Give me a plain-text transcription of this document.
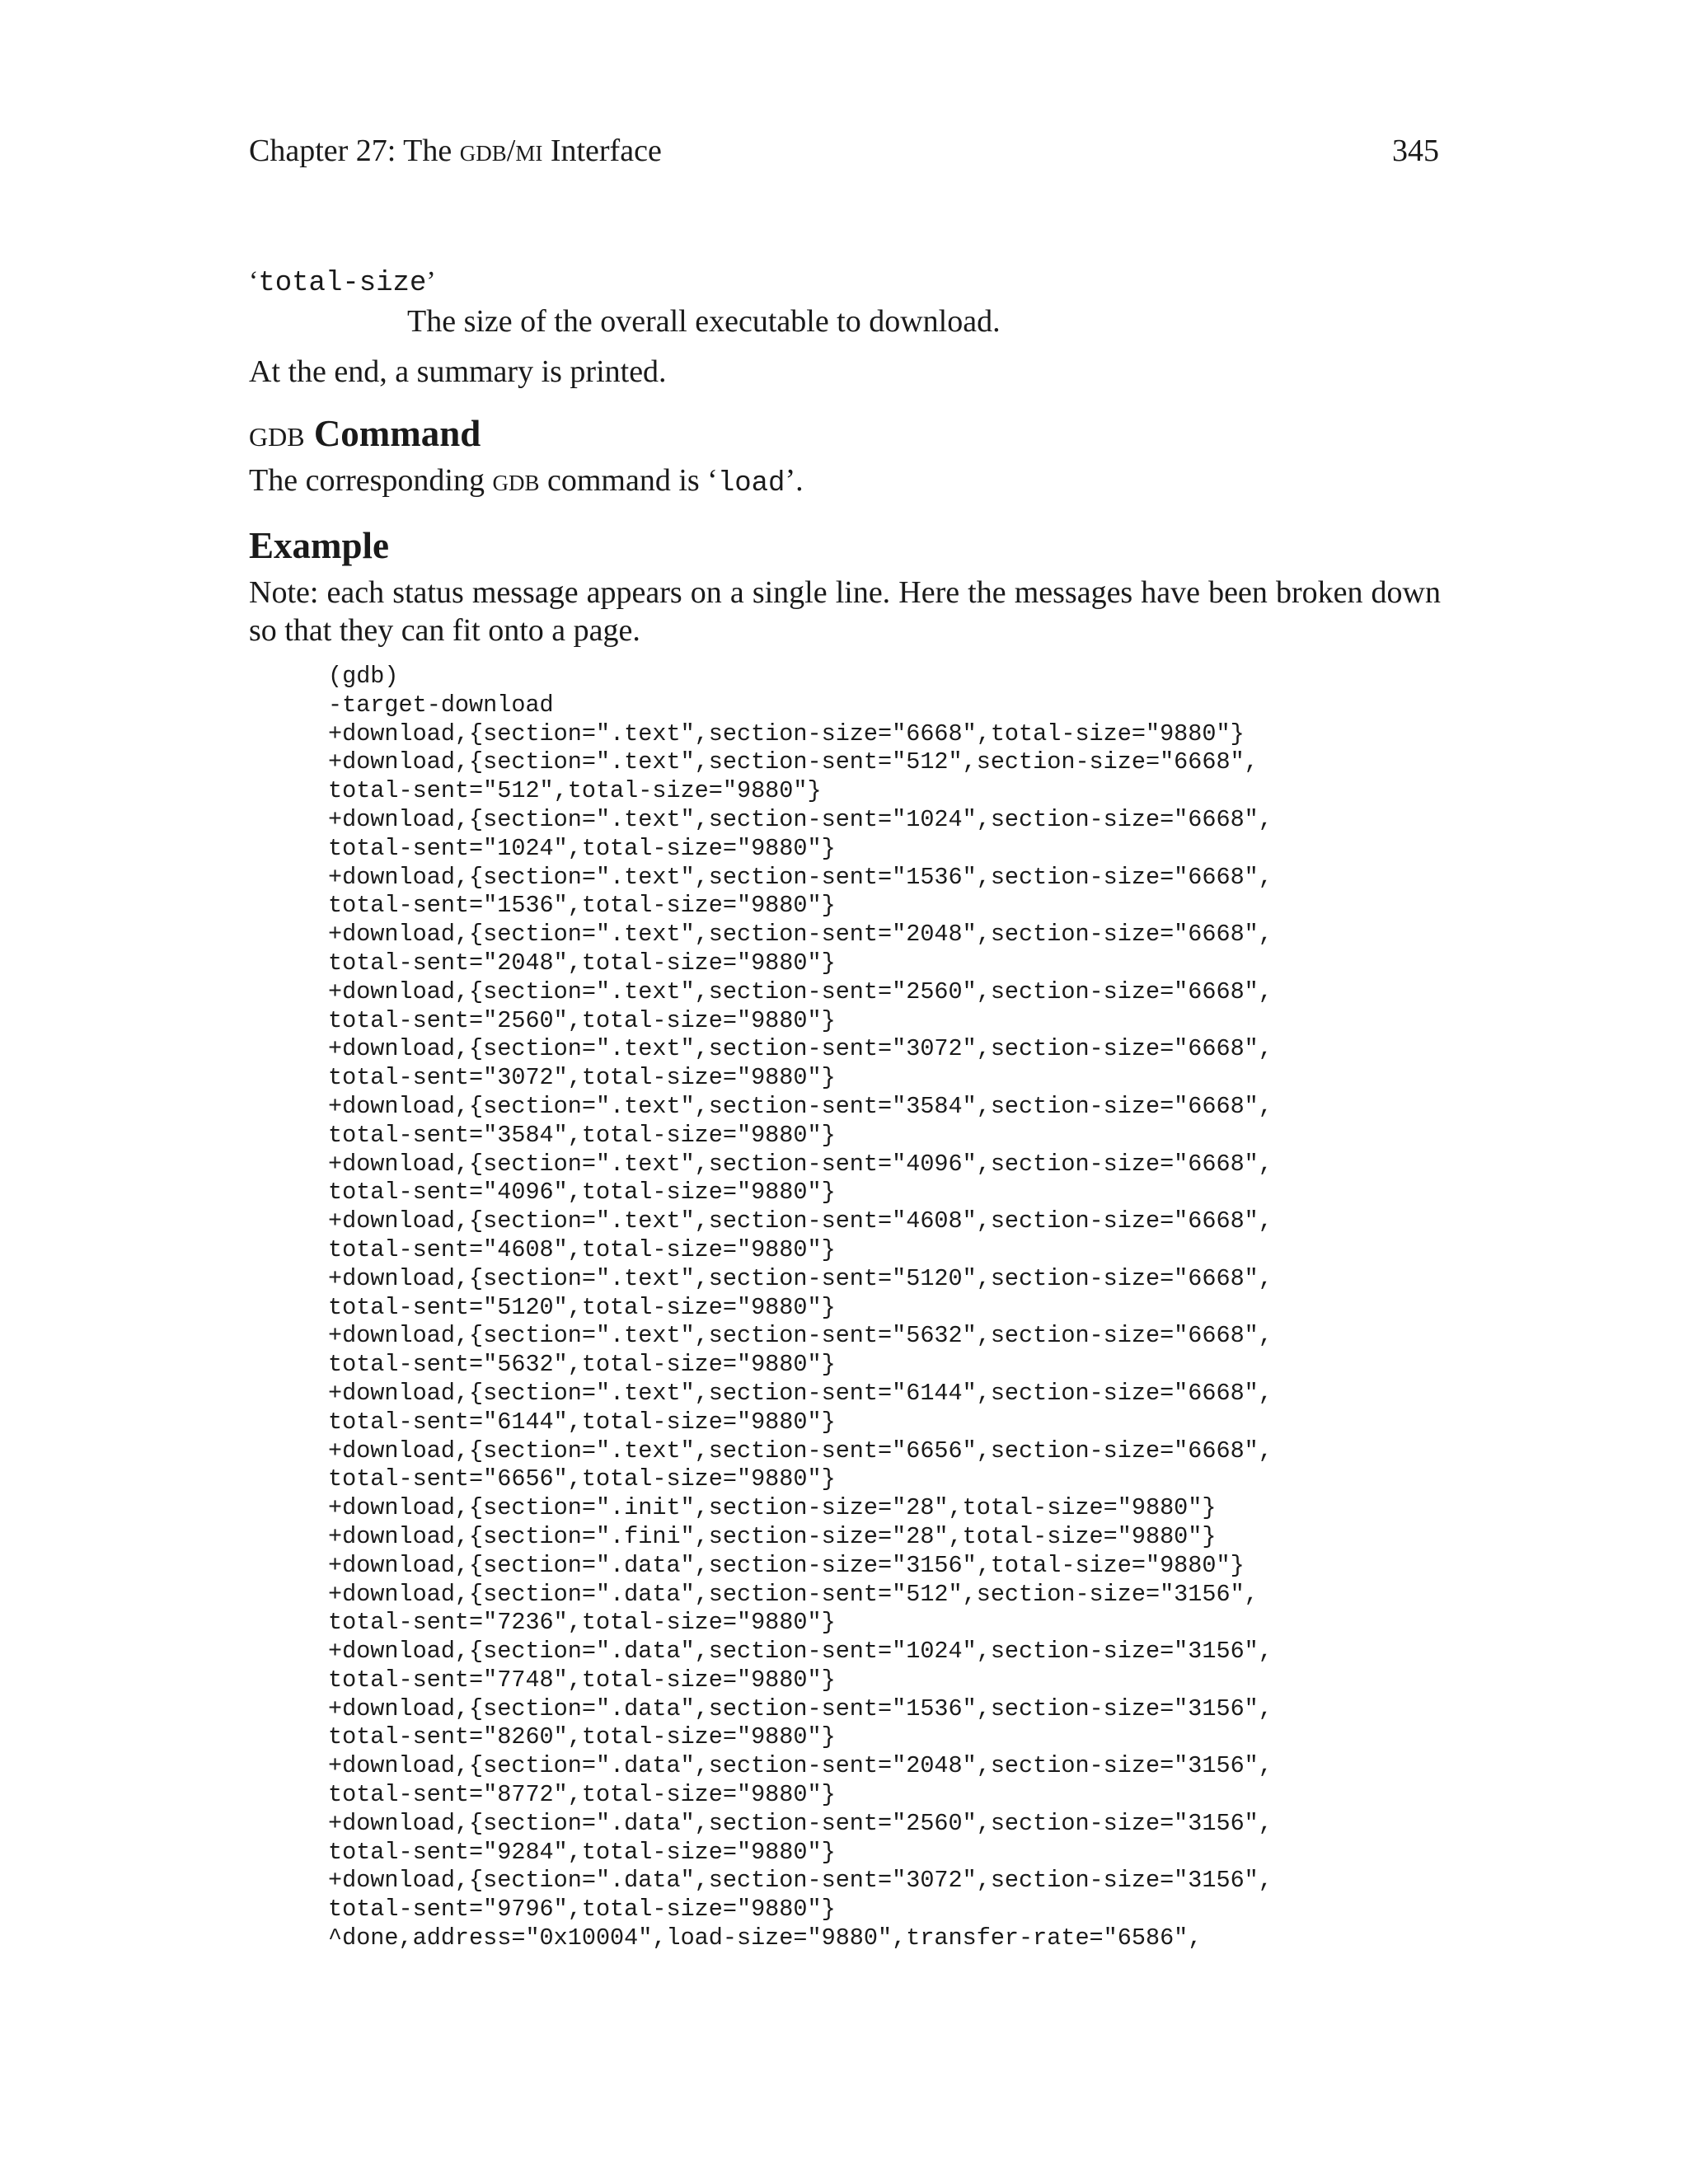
Chapter 27: The gdb/mi Interface	345
‘total-size’
The size of the overall executable to download.

At the end, a summary is printed.

gdb Command

The corresponding gdb command is ‘load’.

Example

Note: each status message appears on a single line. Here the messages have been broken down so that they can fit onto a page.

(gdb)
-target-download
+download,{section=".text",section-size="6668",total-size="9880"}
+download,{section=".text",section-sent="512",section-size="6668",
total-sent="512",total-size="9880"}
+download,{section=".text",section-sent="1024",section-size="6668",
total-sent="1024",total-size="9880"}
+download,{section=".text",section-sent="1536",section-size="6668",
total-sent="1536",total-size="9880"}
+download,{section=".text",section-sent="2048",section-size="6668",
total-sent="2048",total-size="9880"}
+download,{section=".text",section-sent="2560",section-size="6668",
total-sent="2560",total-size="9880"}
+download,{section=".text",section-sent="3072",section-size="6668",
total-sent="3072",total-size="9880"}
+download,{section=".text",section-sent="3584",section-size="6668",
total-sent="3584",total-size="9880"}
+download,{section=".text",section-sent="4096",section-size="6668",
total-sent="4096",total-size="9880"}
+download,{section=".text",section-sent="4608",section-size="6668",
total-sent="4608",total-size="9880"}
+download,{section=".text",section-sent="5120",section-size="6668",
total-sent="5120",total-size="9880"}
+download,{section=".text",section-sent="5632",section-size="6668",
total-sent="5632",total-size="9880"}
+download,{section=".text",section-sent="6144",section-size="6668",
total-sent="6144",total-size="9880"}
+download,{section=".text",section-sent="6656",section-size="6668",
total-sent="6656",total-size="9880"}
+download,{section=".init",section-size="28",total-size="9880"}
+download,{section=".fini",section-size="28",total-size="9880"}
+download,{section=".data",section-size="3156",total-size="9880"}
+download,{section=".data",section-sent="512",section-size="3156",
total-sent="7236",total-size="9880"}
+download,{section=".data",section-sent="1024",section-size="3156",
total-sent="7748",total-size="9880"}
+download,{section=".data",section-sent="1536",section-size="3156",
total-sent="8260",total-size="9880"}
+download,{section=".data",section-sent="2048",section-size="3156",
total-sent="8772",total-size="9880"}
+download,{section=".data",section-sent="2560",section-size="3156",
total-sent="9284",total-size="9880"}
+download,{section=".data",section-sent="3072",section-size="3156",
total-sent="9796",total-size="9880"}
^done,address="0x10004",load-size="9880",transfer-rate="6586",
